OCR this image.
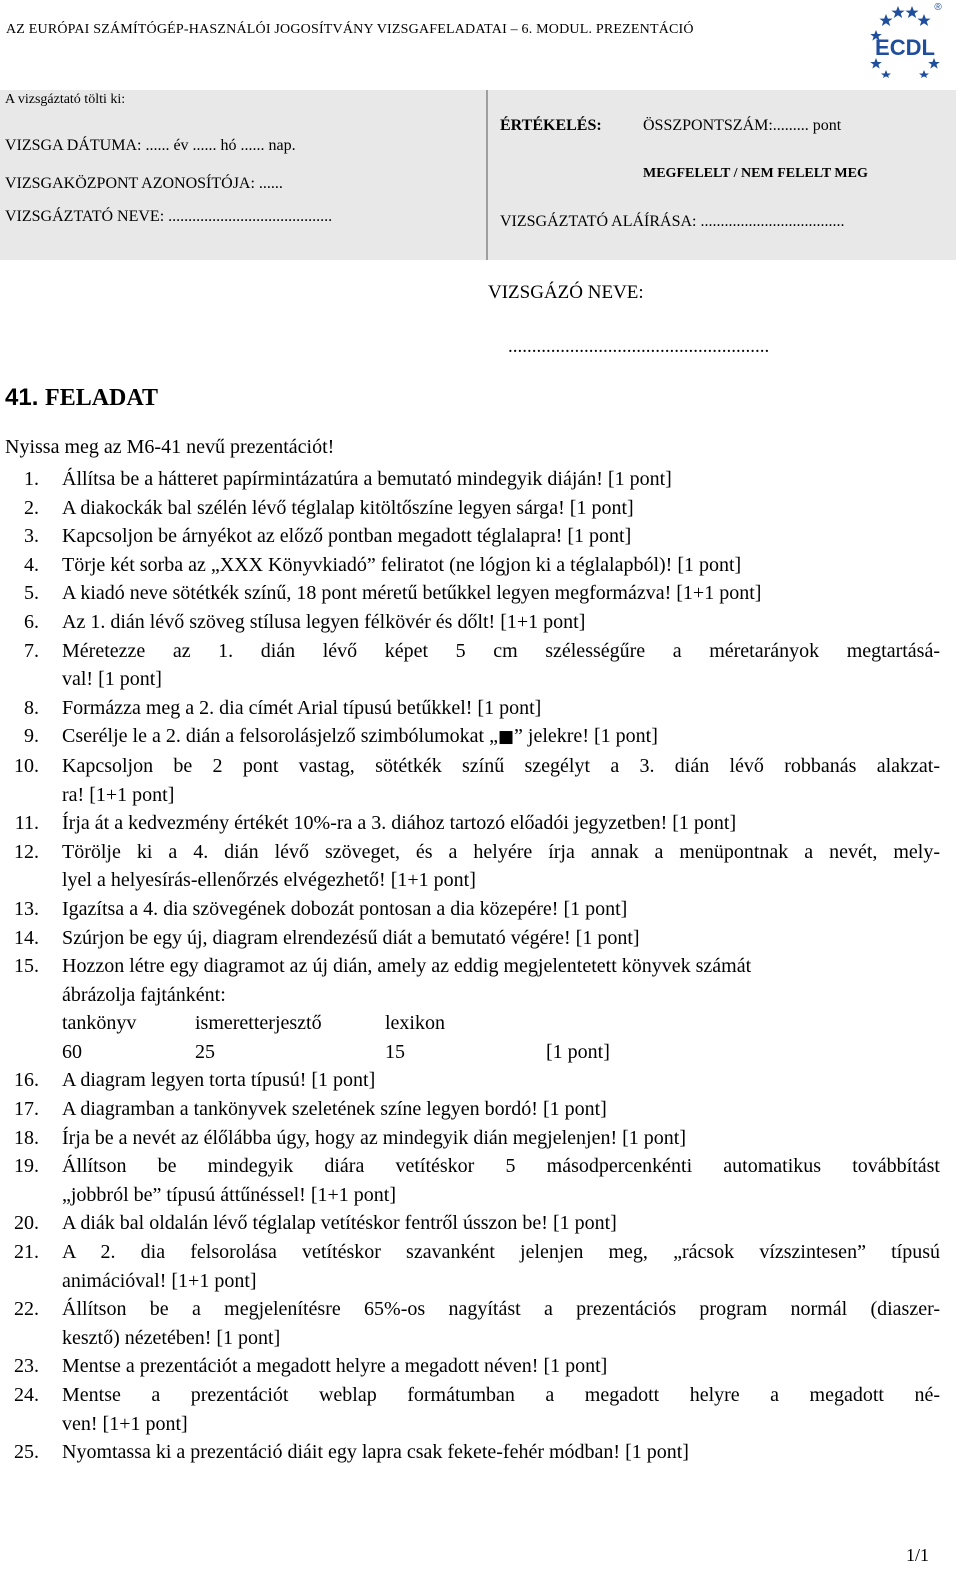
AZ EURÓPAI SZÁMÍTÓGÉP-HASZNÁLÓI JOGOSÍTVÁNY VIZSGAFELADATAI – 6. MODUL. PREZENTÁCIÓ
ECDL
®
A vizsgáztató tölti ki:
VIZSGA DÁTUMA: ...... év ...... hó ...... nap.
VIZSGAKÖZPONT AZONOSÍTÓJA: ......
VIZSGÁZTATÓ NEVE: .........................................
ÉRTÉKELÉS:	ÖSSZPONTSZÁM:......... pont
MEGFELELT / NEM FELELT MEG
VIZSGÁZTATÓ ALÁÍRÁSA: ....................................
VIZSGÁZÓ NEVE:
.......................................................
41. FELADAT
Nyissa meg az M6-41 nevű prezentációt!
1.	Állítsa be a hátteret papírmintázatúra a bemutató mindegyik diáján! [1 pont]
2.	A diakockák bal szélén lévő téglalap kitöltőszíne legyen sárga! [1 pont]
3.	Kapcsoljon be árnyékot az előző pontban megadott téglalapra! [1 pont]
4.	Törje két sorba az „XXX Könyvkiadó” feliratot (ne lógjon ki a téglalapból)! [1 pont]
5.	A kiadó neve sötétkék színű, 18 pont méretű betűkkel legyen megformázva! [1+1 pont]
6.	Az 1. dián lévő szöveg stílusa legyen félkövér és dőlt! [1+1 pont]
7.	Méretezze az 1. dián lévő képet 5 cm szélességűre a méretarányok megtartásá-
val! [1 pont]
8.	Formázza meg a 2. dia címét Arial típusú betűkkel! [1 pont]
9.	Cserélje le a 2. dián a felsorolásjelző szimbólumokat „■” jelekre! [1 pont]
10.	Kapcsoljon be 2 pont vastag, sötétkék színű szegélyt a 3. dián lévő robbanás alakzat-
ra! [1+1 pont]
11.	Írja át a kedvezmény értékét 10%-ra a 3. diához tartozó előadói jegyzetben! [1 pont]
12.	Törölje ki a 4. dián lévő szöveget, és a helyére írja annak a menüpontnak a nevét, mely-
lyel a helyesírás-ellenőrzés elvégezhető! [1+1 pont]
13.	Igazítsa a 4. dia szövegének dobozát pontosan a dia közepére! [1 pont]
14.	Szúrjon be egy új, diagram elrendezésű diát a bemutató végére! [1 pont]
15.	Hozzon létre egy diagramot az új dián, amely az eddig megjelentetett könyvek számát
ábrázolja fajtánként:
tankönyv	ismeretterjesztő	lexikon
60	25	15	[1 pont]
16.	A diagram legyen torta típusú! [1 pont]
17.	A diagramban a tankönyvek szeletének színe legyen bordó! [1 pont]
18.	Írja be a nevét az élőlábba úgy, hogy az mindegyik dián megjelenjen! [1 pont]
19.	Állítson be mindegyik diára vetítéskor 5 másodpercenkénti automatikus továbbítást
„jobbról be” típusú áttűnéssel! [1+1 pont]
20.	A diák bal oldalán lévő téglalap vetítéskor fentről ússzon be! [1 pont]
21.	A 2. dia felsorolása vetítéskor szavanként jelenjen meg, „rácsok vízszintesen” típusú
animációval! [1+1 pont]
22.	Állítson be a megjelenítésre 65%-os nagyítást a prezentációs program normál (diaszer-
kesztő) nézetében! [1 pont]
23.	Mentse a prezentációt a megadott helyre a megadott néven! [1 pont]
24.	Mentse a prezentációt weblap formátumban a megadott helyre a megadott né-
ven! [1+1 pont]
25.	Nyomtassa ki a prezentáció diáit egy lapra csak fekete-fehér módban! [1 pont]
1/1
